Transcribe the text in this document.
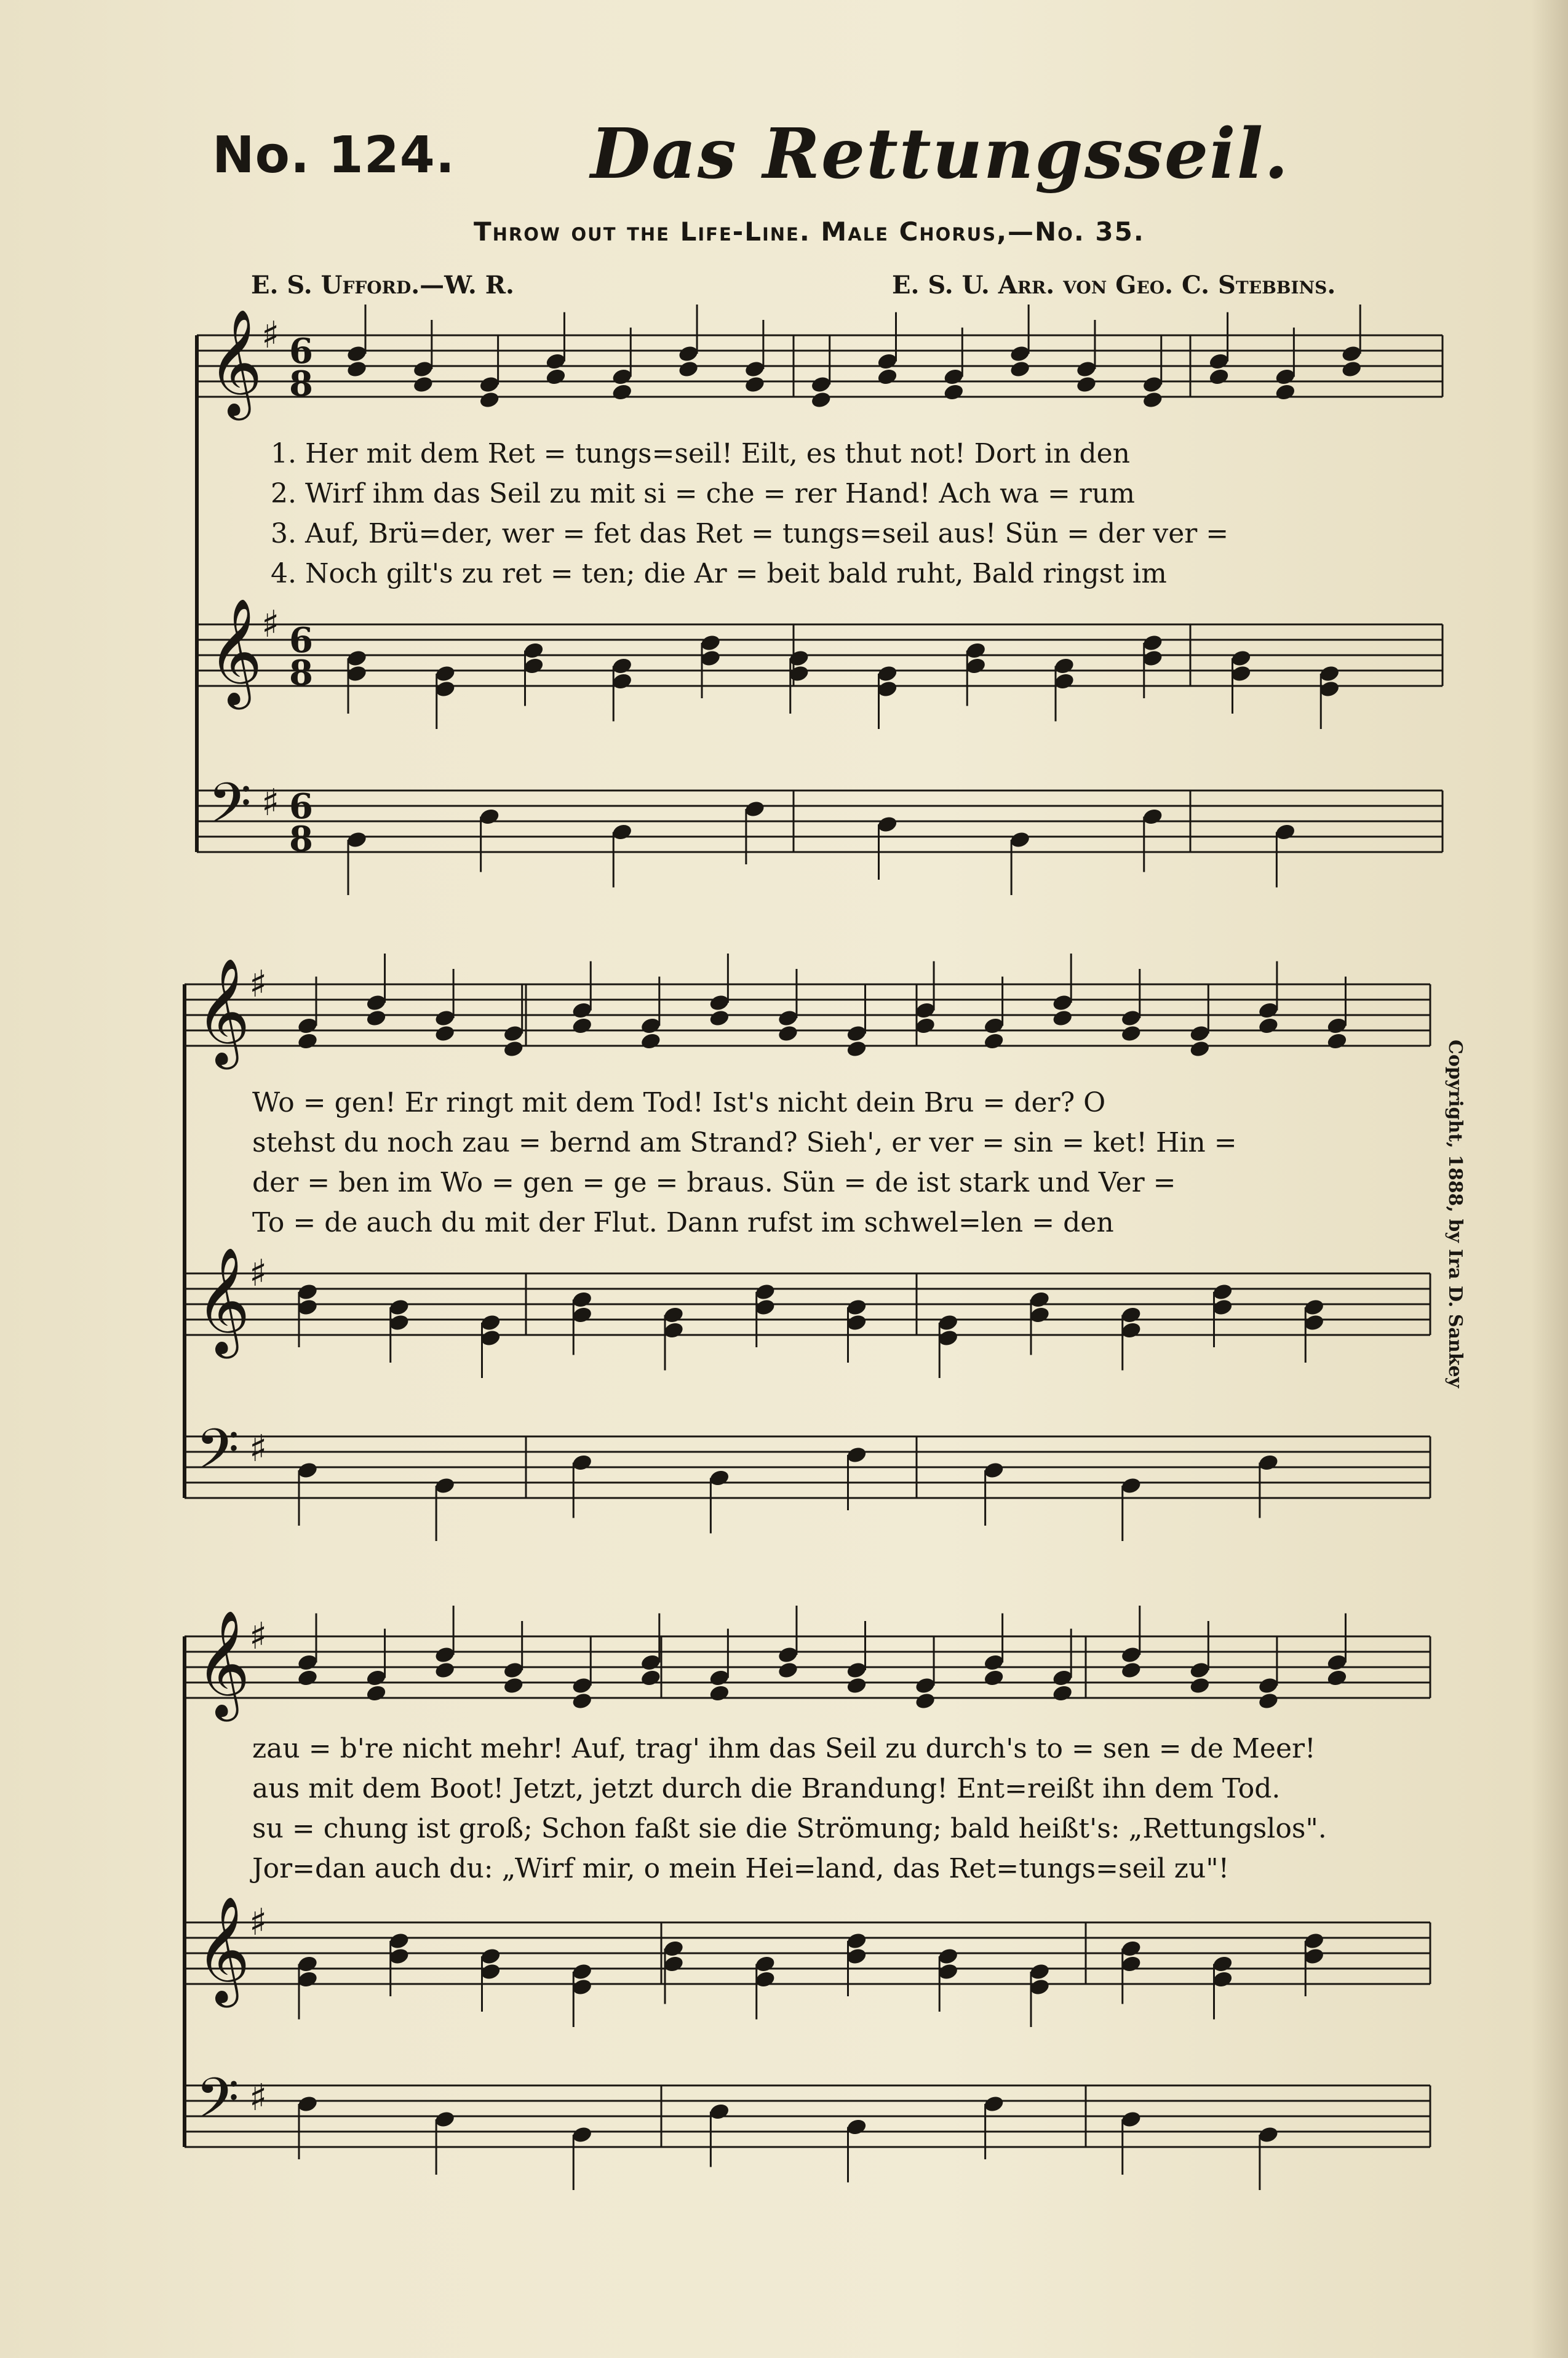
No. 124. Das Rettungsseil.
Throw out the Life-Line. Male Chorus,—No. 35.
E. S. Ufford.—W. R.	E. S. U. Arr. von Geo. C. Stebbins.
𝄞
♯ 6
8
𝄞
♯ 6
8
𝄢 ♯ 6
8
𝄞
♯
𝄞
♯
𝄢 ♯
𝄞
♯
𝄞
♯
𝄢 ♯
1. Her mit dem Ret = tungs=seil! Eilt, es thut not! Dort in den
2. Wirf ihm das Seil zu mit si = che = rer Hand! Ach wa = rum
3. Auf, Brü=der, wer = fet das Ret = tungs=seil aus! Sün = der ver =
4. Noch gilt's zu ret = ten; die Ar = beit bald ruht, Bald ringst im
Wo = gen! Er ringt mit dem Tod! Ist's nicht dein Bru = der? O
stehst du noch zau = bernd am Strand? Sieh', er ver = sin = ket! Hin =
der = ben im Wo = gen = ge = braus. Sün = de ist stark und Ver =
To = de auch du mit der Flut. Dann rufst im schwel=len = den
zau = b're nicht mehr! Auf, trag' ihm das Seil zu durch's to = sen = de Meer!
aus mit dem Boot! Jetzt, jetzt durch die Brandung! Ent=reißt ihn dem Tod.
su = chung ist groß; Schon faßt sie die Strömung; bald heißt's: „Rettungslos".
Jor=dan auch du: „Wirf mir, o mein Hei=land, das Ret=tungs=seil zu"!
Copyright, 1888, by Ira D. Sankey
